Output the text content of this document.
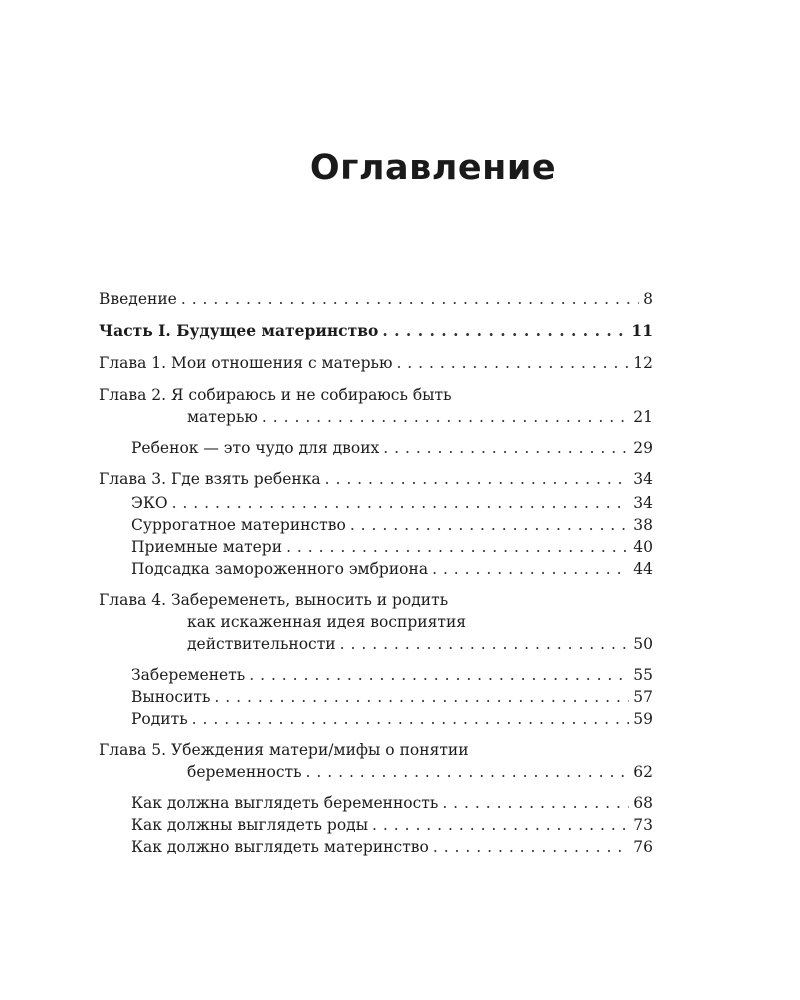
Оглавление
Введение . . .	8
Часть I. Будущее материнство . . .	11
Глава 1. Мои отношения с матерью . . .	12
Глава 2. Я собираюсь и не собираюсь быть
матерью . . .	21
Ребенок — это чудо для двоих . . .	29
Глава 3. Где взять ребенка . . .	34
ЭКО . . .	34
Суррогатное материнство . . .	38
Приемные матери . . .	40
Подсадка замороженного эмбриона . . .	44
Глава 4. Забеременеть, выносить и родить
как искаженная идея восприятия
действительности . . .	50
Забеременеть . . .	55
Выносить . . .	57
Родить . . .	59
Глава 5. Убеждения матери/мифы о понятии
беременность . . .	62
Как должна выглядеть беременность . . .	68
Как должны выглядеть роды . . .	73
Как должно выглядеть материнство . . .	76
